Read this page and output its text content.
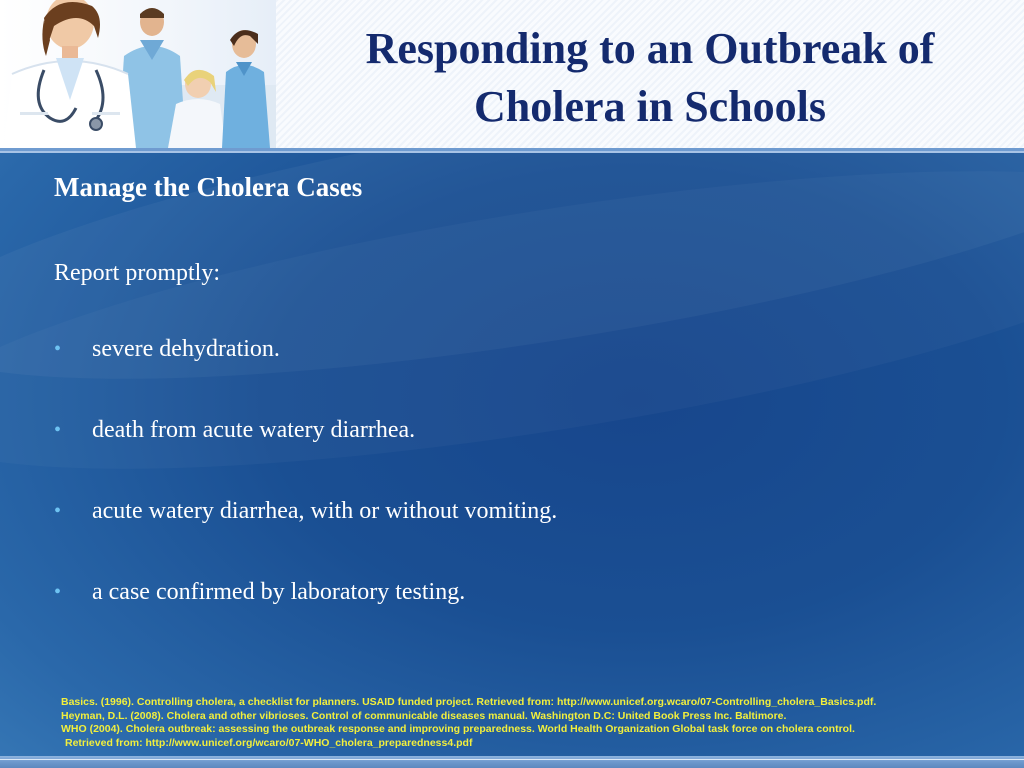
Responding to an Outbreak of
Cholera in Schools
Manage the Cholera Cases
Report promptly:
• severe dehydration.
• death from acute watery diarrhea.
• acute watery diarrhea, with or without vomiting.
• a case confirmed by laboratory testing.
Basics. (1996). Controlling cholera, a checklist for planners. USAID funded project. Retrieved from: http://www.unicef.org.wcaro/07-Controlling_cholera_Basics.pdf.
Heyman, D.L. (2008). Cholera and other vibrioses. Control of communicable diseases manual. Washington D.C: United Book Press Inc. Baltimore.
WHO (2004). Cholera outbreak: assessing the outbreak response and improving preparedness. World Health Organization Global task force on cholera control.
Retrieved from: http://www.unicef.org/wcaro/07-WHO_cholera_preparedness4.pdf
